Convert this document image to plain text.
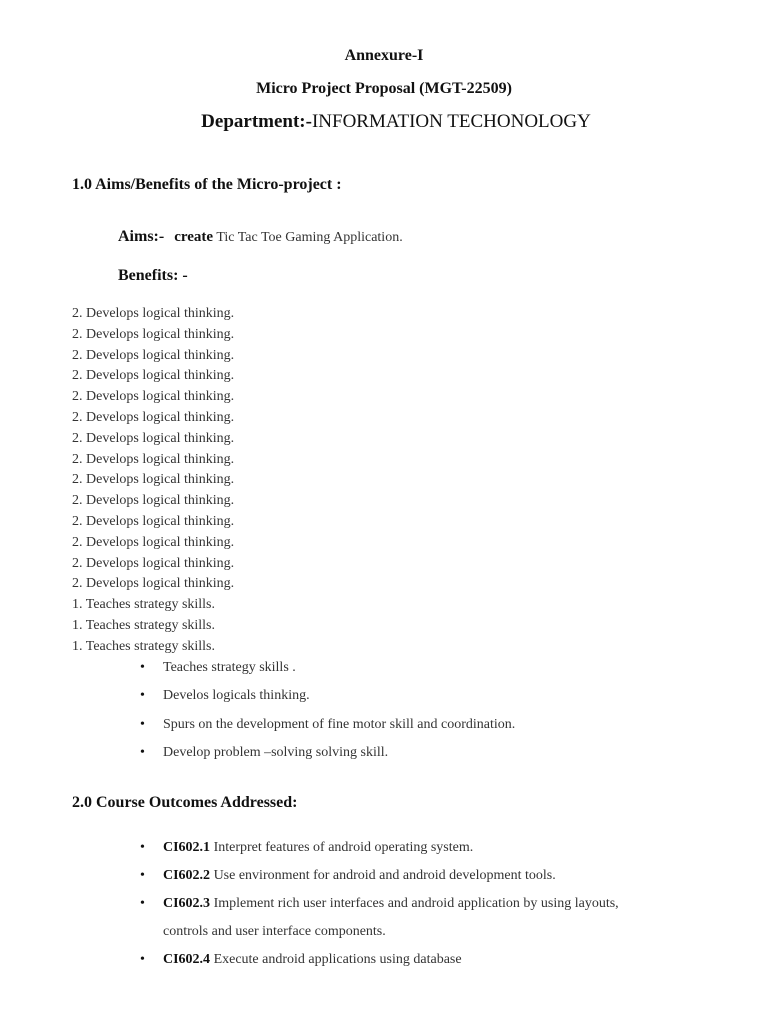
Annexure-I
Micro Project Proposal (MGT-22509)
Department:-INFORMATION TECHONOLOGY
1.0 Aims/Benefits of the Micro-project :
Aims:- create Tic Tac Toe Gaming Application.
Benefits: -
2. Develops logical thinking.
2. Develops logical thinking.
2. Develops logical thinking.
2. Develops logical thinking.
2. Develops logical thinking.
2. Develops logical thinking.
2. Develops logical thinking.
2. Develops logical thinking.
2. Develops logical thinking.
2. Develops logical thinking.
2. Develops logical thinking.
2. Develops logical thinking.
2. Develops logical thinking.
2. Develops logical thinking.
1. Teaches strategy skills.
1. Teaches strategy skills.
1. Teaches strategy skills.
• Teaches strategy skills .
• Develos logicals thinking.
• Spurs on the development of fine motor skill and coordination.
• Develop problem –solving solving skill.
2.0 Course Outcomes Addressed:
• CI602.1 Interpret features of android operating system.
• CI602.2 Use environment for android and android development tools.
• CI602.3 Implement rich user interfaces and android application by using layouts,
controls and user interface components.
• CI602.4 Execute android applications using database
